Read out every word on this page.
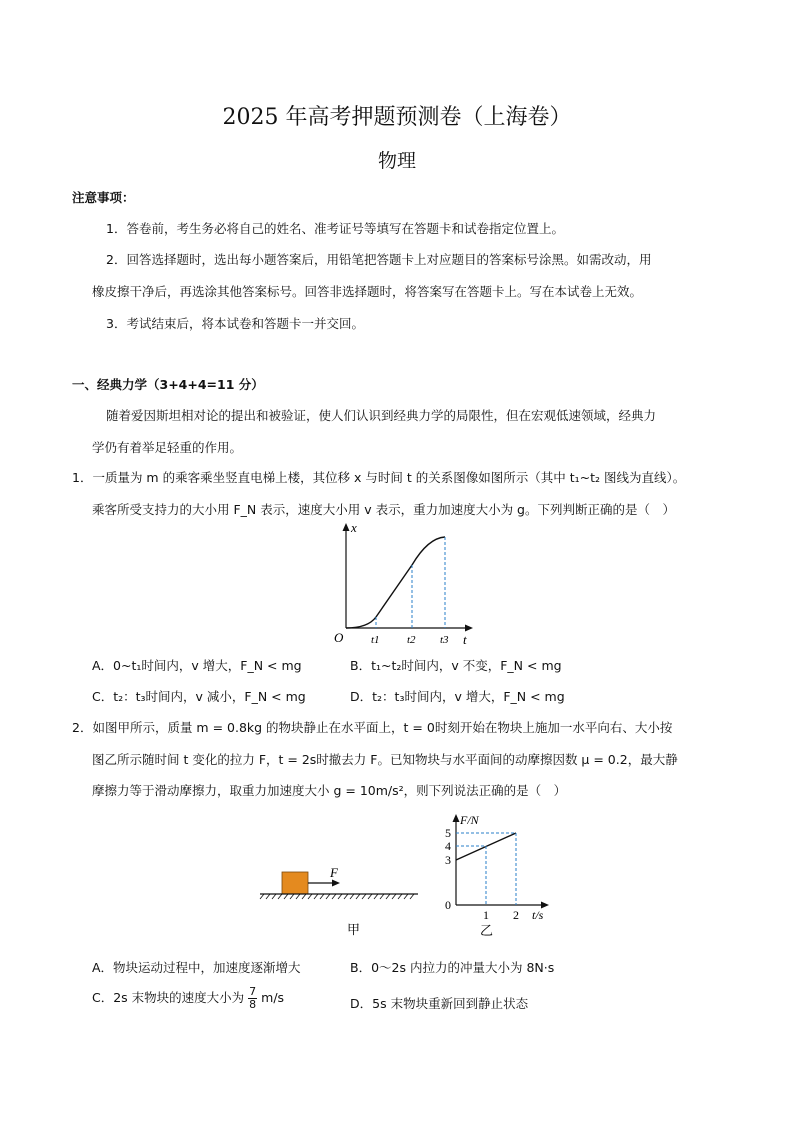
2025 年高考押题预测卷（上海卷）
物理
注意事项：
1．答卷前，考生务必将自己的姓名、准考证号等填写在答题卡和试卷指定位置上。
2．回答选择题时，选出每小题答案后，用铅笔把答题卡上对应题目的答案标号涂黑。如需改动，用
橡皮擦干净后，再选涂其他答案标号。回答非选择题时，将答案写在答题卡上。写在本试卷上无效。
3．考试结束后，将本试卷和答题卡一并交回。
一、经典力学（3+4+4=11 分）
随着爱因斯坦相对论的提出和被验证，使人们认识到经典力学的局限性，但在宏观低速领域，经典力
学仍有着举足轻重的作用。
1．一质量为 m 的乘客乘坐竖直电梯上楼，其位移 x 与时间 t 的关系图像如图所示（其中 t₁~t₂ 图线为直线）。
乘客所受支持力的大小用 F_N 表示，速度大小用 v 表示，重力加速度大小为 g。下列判断正确的是（　）
x
t
O	t1 t2 t3
A．0~t₁时间内，v 增大，F_N < mg	B．t₁~t₂时间内，v 不变，F_N < mg
C．t₂：t₃时间内，v 减小，F_N < mg	D．t₂：t₃时间内，v 增大，F_N < mg
2．如图甲所示，质量 m = 0.8kg 的物块静止在水平面上，t = 0时刻开始在物块上施加一水平向右、大小按
图乙所示随时间 t 变化的拉力 F，t = 2s时撤去力 F。已知物块与水平面间的动摩擦因数 μ = 0.2，最大静
摩擦力等于滑动摩擦力，取重力加速度大小 g = 10m/s²，则下列说法正确的是（　）
F
甲
F/N
5
4
3
0
1 2 t/s
乙
A．物块运动过程中，加速度逐渐增大	B．0～2s 内拉力的冲量大小为 8N·s
C．2s 末物块的速度大小为 $\frac{7}{8} m/s$	D．5s 末物块重新回到静止状态
